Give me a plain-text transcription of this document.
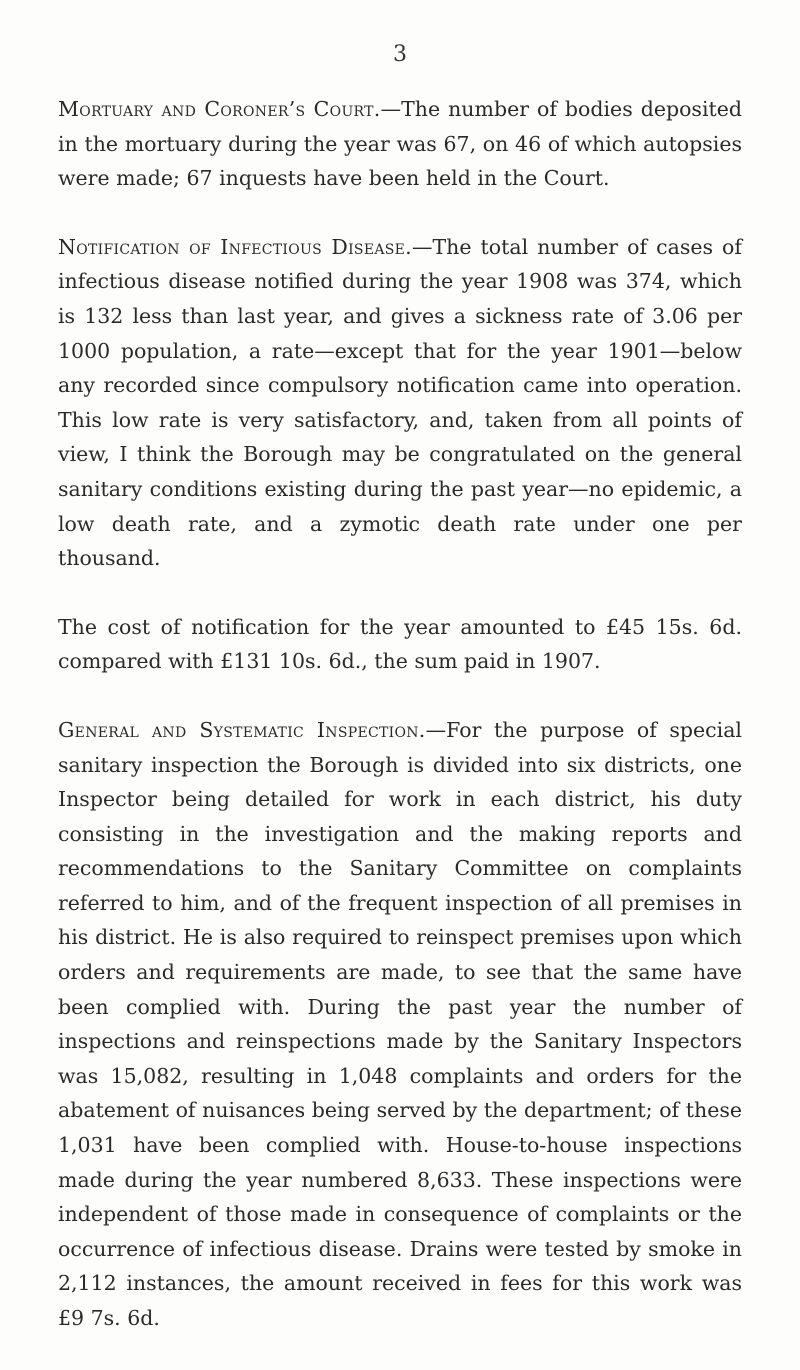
3

Mortuary and Coroner’s Court.—The number of bodies deposited in the mortuary during the year was 67, on 46 of which autopsies were made; 67 inquests have been held in the Court.

Notification of Infectious Disease.—The total number of cases of infectious disease notified during the year 1908 was 374, which is 132 less than last year, and gives a sickness rate of 3.06 per 1000 population, a rate—except that for the year 1901—below any recorded since compulsory notification came into operation. This low rate is very satisfactory, and, taken from all points of view, I think the Borough may be congratulated on the general sanitary conditions existing during the past year—no epidemic, a low death rate, and a zymotic death rate under one per thousand.

The cost of notification for the year amounted to £45 15s. 6d. compared with £131 10s. 6d., the sum paid in 1907.

General and Systematic Inspection.—For the purpose of special sanitary inspection the Borough is divided into six districts, one Inspector being detailed for work in each district, his duty consisting in the investigation and the making reports and recommendations to the Sanitary Committee on complaints referred to him, and of the frequent inspection of all premises in his district. He is also required to reinspect premises upon which orders and requirements are made, to see that the same have been complied with. During the past year the number of inspections and reinspections made by the Sanitary Inspectors was 15,082, resulting in 1,048 complaints and orders for the abatement of nuisances being served by the department; of these 1,031 have been complied with. House-to-house inspections made during the year numbered 8,633. These inspections were independent of those made in consequence of complaints or the occurrence of infectious disease. Drains were tested by smoke in 2,112 instances, the amount received in fees for this work was £9 7s. 6d.
